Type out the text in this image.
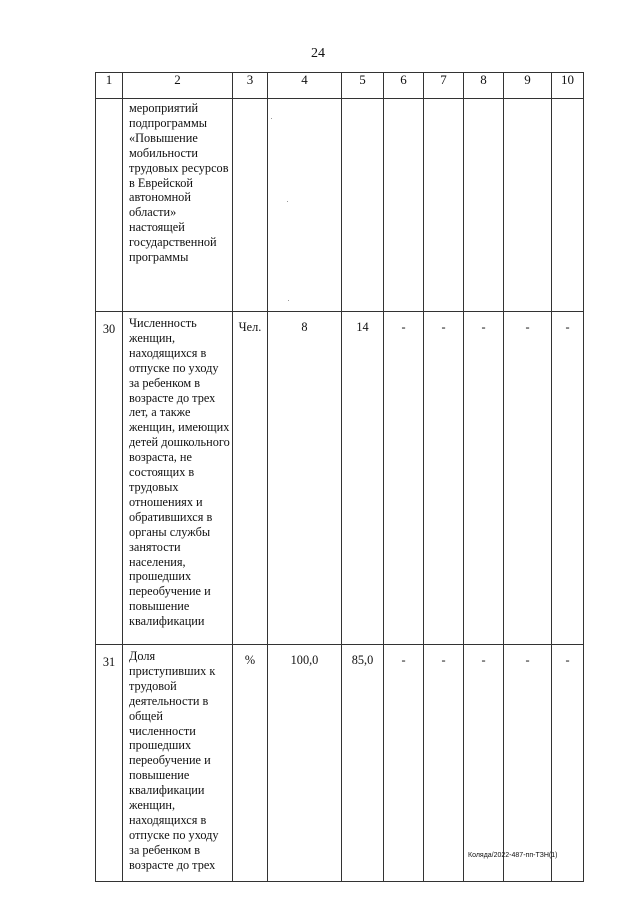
24
1	2	3	4	5	6	7	8	9	10
	мероприятий подпрограммы «Повышение мобильности трудовых ресурсов в Еврейской автономной области» настоящей государственной программы								
30	Численность женщин, находящихся в отпуске по уходу за ребенком в возрасте до трех лет, а также женщин, имеющих детей дошкольного возраста, не состоящих в трудовых отношениях и обратившихся в органы службы занятости населения, прошедших переобучение и повышение квалификации	Чел.	8	14	-	-	-	-	-
31	Доля приступивших к трудовой деятельности в общей численности прошедших переобучение и повышение квалификации женщин, находящихся в отпуске по уходу за ребенком в возрасте до трех	%	100,0	85,0	-	-	-	-	-
Коляда/2022-487-пп-ТЗН(1)
